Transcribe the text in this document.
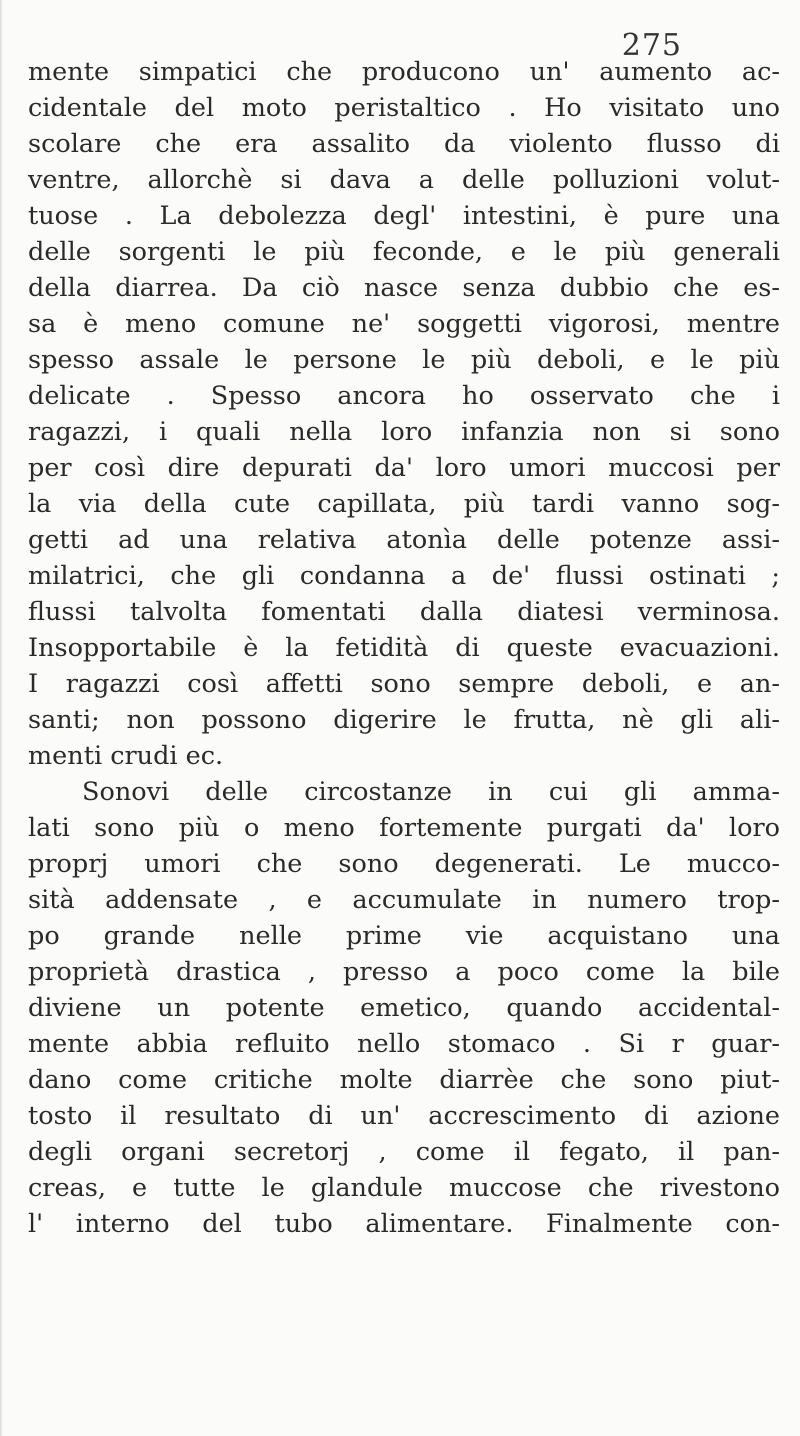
275
mente simpatici che producono un' aumento ac-
cidentale del moto peristaltico . Ho visitato uno
scolare che era assalito da violento flusso di
ventre, allorchè si dava a delle polluzioni volut-
tuose . La debolezza degl' intestini, è pure una
delle sorgenti le più feconde, e le più generali
della diarrea. Da ciò nasce senza dubbio che es-
sa è meno comune ne' soggetti vigorosi, mentre
spesso assale le persone le più deboli, e le più
delicate . Spesso ancora ho osservato che i
ragazzi, i quali nella loro infanzia non si sono
per così dire depurati da' loro umori muccosi per
la via della cute capillata, più tardi vanno sog-
getti ad una relativa atonìa delle potenze assi-
milatrici, che gli condanna a de' flussi ostinati ;
flussi talvolta fomentati dalla diatesi verminosa.
Insopportabile è la fetidità di queste evacuazioni.
I ragazzi così affetti sono sempre deboli, e an-
santi; non possono digerire le frutta, nè gli ali-
menti crudi ec.
Sonovi delle circostanze in cui gli amma-
lati sono più o meno fortemente purgati da' loro
proprj umori che sono degenerati. Le mucco-
sità addensate , e accumulate in numero trop-
po grande nelle prime vie acquistano una
proprietà drastica , presso a poco come la bile
diviene un potente emetico, quando accidental-
mente abbia refluito nello stomaco . Si r guar-
dano come critiche molte diarrèe che sono piut-
tosto il resultato di un' accrescimento di azione
degli organi secretorj , come il fegato, il pan-
creas, e tutte le glandule muccose che rivestono
l' interno del tubo alimentare. Finalmente con-
